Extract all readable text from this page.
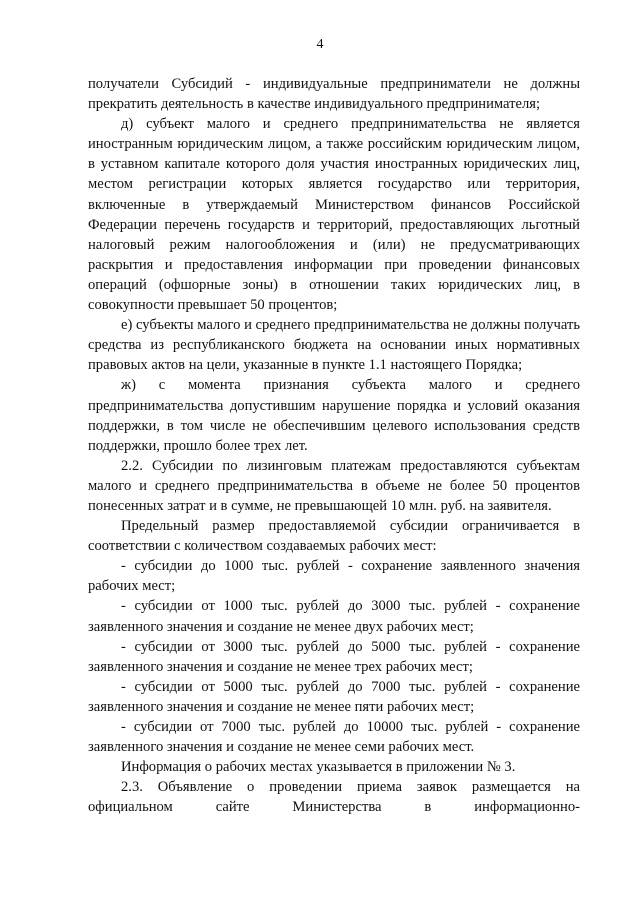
4

получатели Субсидий - индивидуальные предприниматели не должны прекратить деятельность в качестве индивидуального предпринимателя;

д) субъект малого и среднего предпринимательства не является иностранным юридическим лицом, а также российским юридическим лицом, в уставном капитале которого доля участия иностранных юридических лиц, местом регистрации которых является государство или территория, включенные в утверждаемый Министерством финансов Российской Федерации перечень государств и территорий, предоставляющих льготный налоговый режим налогообложения и (или) не предусматривающих раскрытия и предоставления информации при проведении финансовых операций (офшорные зоны) в отношении таких юридических лиц, в совокупности превышает 50 процентов;

е) субъекты малого и среднего предпринимательства не должны получать средства из республиканского бюджета на основании иных нормативных правовых актов на цели, указанные в пункте 1.1 настоящего Порядка;

ж) с момента признания субъекта малого и среднего предпринимательства допустившим нарушение порядка и условий оказания поддержки, в том числе не обеспечившим целевого использования средств поддержки, прошло более трех лет.

2.2. Субсидии по лизинговым платежам предоставляются субъектам малого и среднего предпринимательства в объеме не более 50 процентов понесенных затрат и в сумме, не превышающей 10 млн. руб. на заявителя.

Предельный размер предоставляемой субсидии ограничивается в соответствии с количеством создаваемых рабочих мест:

- субсидии до 1000 тыс. рублей - сохранение заявленного значения рабочих мест;

- субсидии от 1000 тыс. рублей до 3000 тыс. рублей - сохранение заявленного значения и создание не менее двух рабочих мест;

- субсидии от 3000 тыс. рублей до 5000 тыс. рублей - сохранение заявленного значения и создание не менее трех рабочих мест;

- субсидии от 5000 тыс. рублей до 7000 тыс. рублей - сохранение заявленного значения и создание не менее пяти рабочих мест;

- субсидии от 7000 тыс. рублей до 10000 тыс. рублей - сохранение заявленного значения и создание не менее семи рабочих мест.

Информация о рабочих местах указывается в приложении № 3.

2.3. Объявление о проведении приема заявок размещается на официальном сайте Министерства в информационно-
